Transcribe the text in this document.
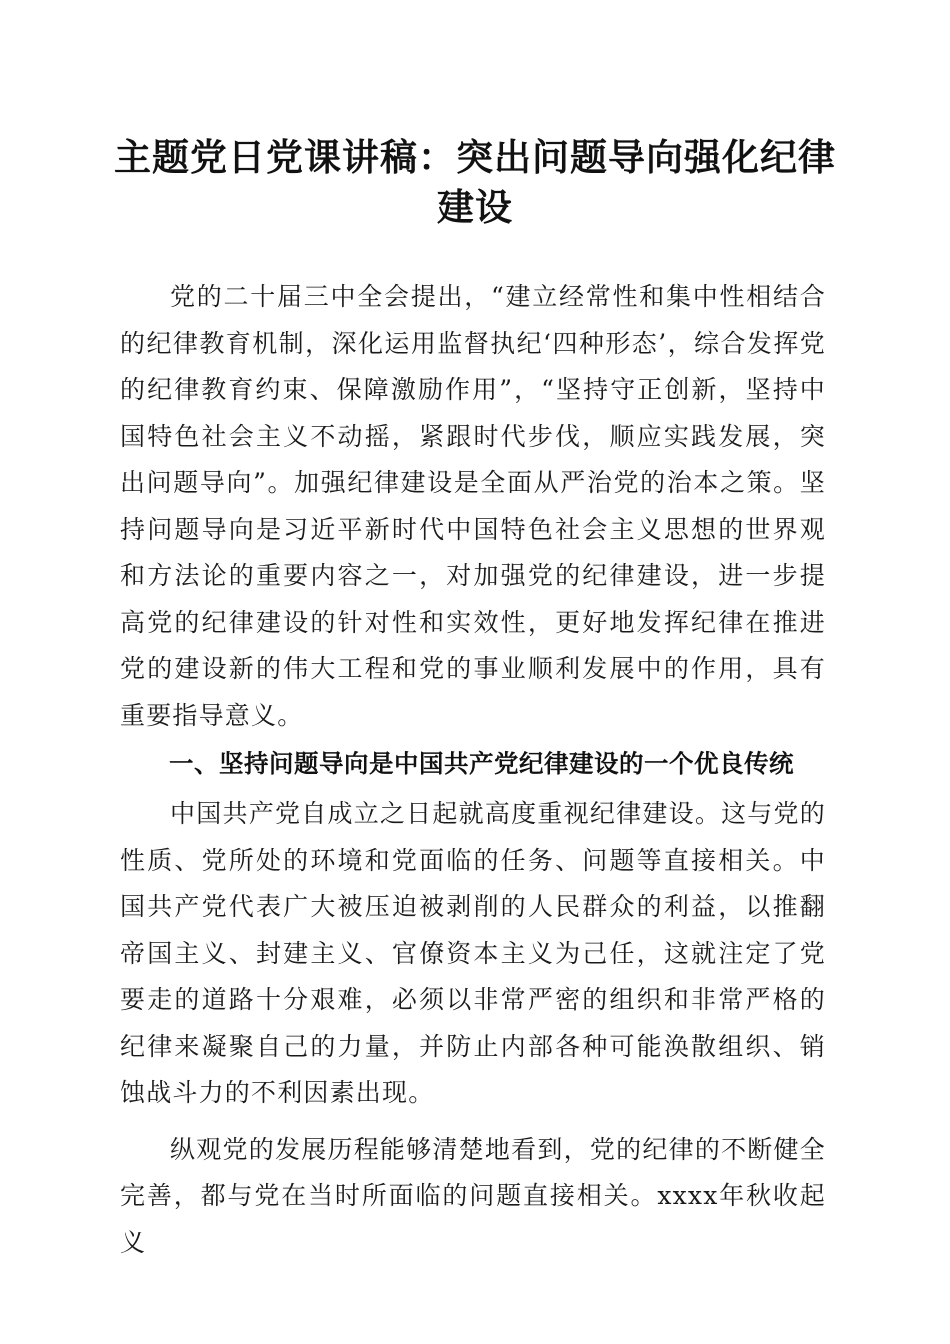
主题党日党课讲稿：突出问题导向强化纪律建设

党的二十届三中全会提出，“建立经常性和集中性相结合的纪律教育机制，深化运用监督执纪‘四种形态’，综合发挥党的纪律教育约束、保障激励作用”，“坚持守正创新，坚持中国特色社会主义不动摇，紧跟时代步伐，顺应实践发展，突出问题导向”。加强纪律建设是全面从严治党的治本之策。坚持问题导向是习近平新时代中国特色社会主义思想的世界观和方法论的重要内容之一，对加强党的纪律建设，进一步提高党的纪律建设的针对性和实效性，更好地发挥纪律在推进党的建设新的伟大工程和党的事业顺利发展中的作用，具有重要指导意义。

一、坚持问题导向是中国共产党纪律建设的一个优良传统

中国共产党自成立之日起就高度重视纪律建设。这与党的性质、党所处的环境和党面临的任务、问题等直接相关。中国共产党代表广大被压迫被剥削的人民群众的利益，以推翻帝国主义、封建主义、官僚资本主义为己任，这就注定了党要走的道路十分艰难，必须以非常严密的组织和非常严格的纪律来凝聚自己的力量，并防止内部各种可能涣散组织、销蚀战斗力的不利因素出现。

纵观党的发展历程能够清楚地看到，党的纪律的不断健全完善，都与党在当时所面临的问题直接相关。xxxx年秋收起义
